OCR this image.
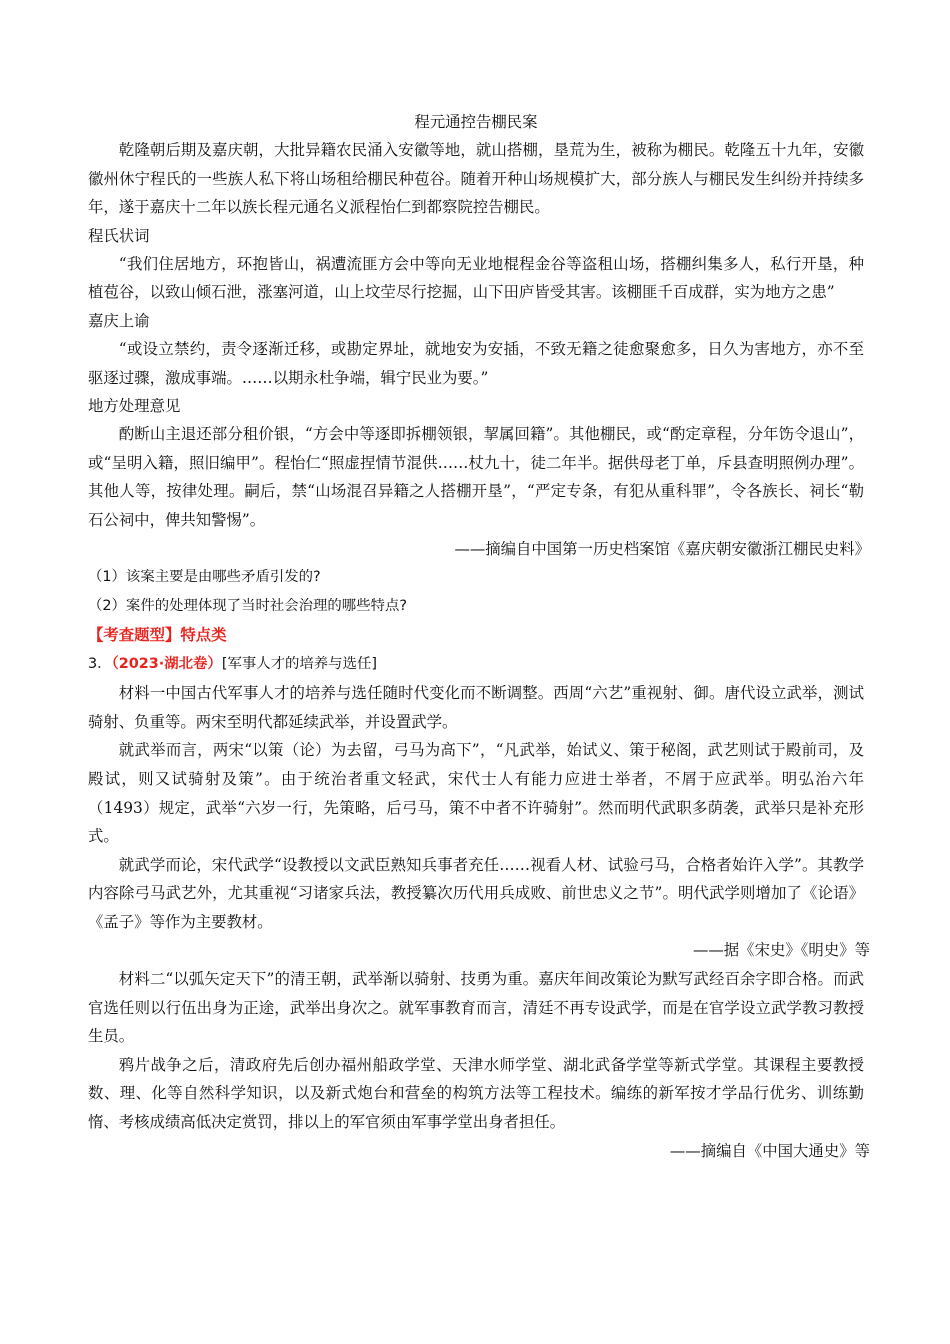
程元通控告棚民案

乾隆朝后期及嘉庆朝，大批异籍农民涌入安徽等地，就山搭棚，垦荒为生，被称为棚民。乾隆五十九年，安徽徽州休宁程氏的一些族人私下将山场租给棚民种苞谷。随着开种山场规模扩大，部分族人与棚民发生纠纷并持续多年，遂于嘉庆十二年以族长程元通名义派程怡仁到都察院控告棚民。

程氏状词

“我们住居地方，环抱皆山，祸遭流匪方会中等向无业地棍程金谷等盗租山场，搭棚纠集多人，私行开垦，种植苞谷，以致山倾石泄，涨塞河道，山上坟茔尽行挖掘，山下田庐皆受其害。该棚匪千百成群，实为地方之患”

嘉庆上谕

“或设立禁约，责令逐渐迁移，或勘定界址，就地安为安插，不致无籍之徒愈聚愈多，日久为害地方，亦不至驱逐过骤，激成事端。……以期永杜争端，辑宁民业为要。”

地方处理意见

酌断山主退还部分租价银，“方会中等逐即拆棚领银，挈属回籍”。其他棚民，或“酌定章程，分年饬令退山”，或“呈明入籍，照旧编甲”。程怡仁“照虚捏情节混供……杖九十，徒二年半。据供母老丁单，斥县查明照例办理”。其他人等，按律处理。嗣后，禁“山场混召异籍之人搭棚开垦”，“严定专条，有犯从重科罪”，令各族长、祠长“勒石公祠中，俾共知警惕”。

——摘编自中国第一历史档案馆《嘉庆朝安徽浙江棚民史料》

（1）该案主要是由哪些矛盾引发的?

（2）案件的处理体现了当时社会治理的哪些特点?

【考查题型】特点类

3．（2023·湖北卷）[军事人才的培养与选任]

材料一中国古代军事人才的培养与选任随时代变化而不断调整。西周“六艺”重视射、御。唐代设立武举，测试骑射、负重等。两宋至明代都延续武举，并设置武学。

就武举而言，两宋“以策（论）为去留，弓马为高下”，“凡武举，始试义、策于秘阁，武艺则试于殿前司，及殿试，则又试骑射及策”。由于统治者重文轻武，宋代士人有能力应进士举者，不屑于应武举。明弘治六年（1493）规定，武举“六岁一行，先策略，后弓马，策不中者不许骑射”。然而明代武职多荫袭，武举只是补充形式。

就武学而论，宋代武学“设教授以文武臣熟知兵事者充任……视看人材、试验弓马，合格者始许入学”。其教学内容除弓马武艺外，尤其重视“习诸家兵法，教授纂次历代用兵成败、前世忠义之节”。明代武学则增加了《论语》《孟子》等作为主要教材。

——据《宋史》《明史》等

材料二“以弧矢定天下”的清王朝，武举渐以骑射、技勇为重。嘉庆年间改策论为默写武经百余字即合格。而武官选任则以行伍出身为正途，武举出身次之。就军事教育而言，清廷不再专设武学，而是在官学设立武学教习教授生员。

鸦片战争之后，清政府先后创办福州船政学堂、天津水师学堂、湖北武备学堂等新式学堂。其课程主要教授数、理、化等自然科学知识，以及新式炮台和营垒的构筑方法等工程技术。编练的新军按才学品行优劣、训练勤惰、考核成绩高低决定赏罚，排以上的军官须由军事学堂出身者担任。

——摘编自《中国大通史》等
